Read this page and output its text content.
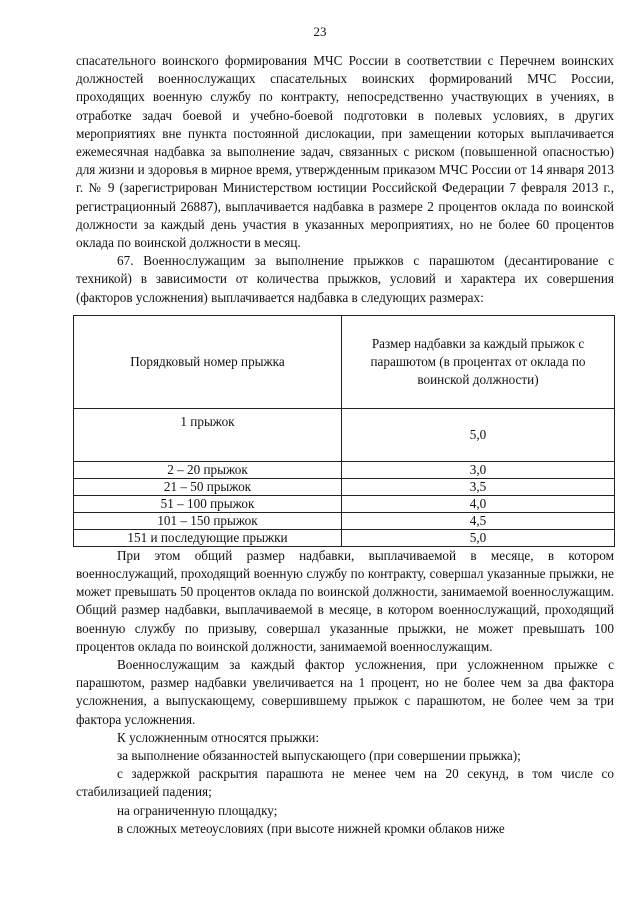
23

спасательного воинского формирования МЧС России в соответствии с Перечнем воинских должностей военнослужащих спасательных воинских формирований МЧС России, проходящих военную службу по контракту, непосредственно участвующих в учениях, в отработке задач боевой и учебно-боевой подготовки в полевых условиях, в других мероприятиях вне пункта постоянной дислокации, при замещении которых выплачивается ежемесячная надбавка за выполнение задач, связанных с риском (повышенной опасностью) для жизни и здоровья в мирное время, утвержденным приказом МЧС России от 14 января 2013 г. № 9 (зарегистрирован Министерством юстиции Российской Федерации 7 февраля 2013 г., регистрационный 26887), выплачивается надбавка в размере 2 процентов оклада по воинской должности за каждый день участия в указанных мероприятиях, но не более 60 процентов оклада по воинской должности в месяц.

67. Военнослужащим за выполнение прыжков с парашютом (десантирование с техникой) в зависимости от количества прыжков, условий и характера их совершения (факторов усложнения) выплачивается надбавка в следующих размерах:

Порядковый номер прыжка	Размер надбавки за каждый прыжок с парашютом (в процентах от оклада по воинской должности)
1 прыжок	5,0
2 – 20 прыжок	3,0
21 – 50 прыжок	3,5
51 – 100 прыжок	4,0
101 – 150 прыжок	4,5
151 и последующие прыжки	5,0

При этом общий размер надбавки, выплачиваемой в месяце, в котором военнослужащий, проходящий военную службу по контракту, совершал указанные прыжки, не может превышать 50 процентов оклада по воинской должности, занимаемой военнослужащим. Общий размер надбавки, выплачиваемой в месяце, в котором военнослужащий, проходящий военную службу по призыву, совершал указанные прыжки, не может превышать 100 процентов оклада по воинской должности, занимаемой военнослужащим.

Военнослужащим за каждый фактор усложнения, при усложненном прыжке с парашютом, размер надбавки увеличивается на 1 процент, но не более чем за два фактора усложнения, а выпускающему, совершившему прыжок с парашютом, не более чем за три фактора усложнения.

К усложненным относятся прыжки:

за выполнение обязанностей выпускающего (при совершении прыжка);

с задержкой раскрытия парашюта не менее чем на 20 секунд, в том числе со стабилизацией падения;

на ограниченную площадку;

в сложных метеоусловиях (при высоте нижней кромки облаков ниже
